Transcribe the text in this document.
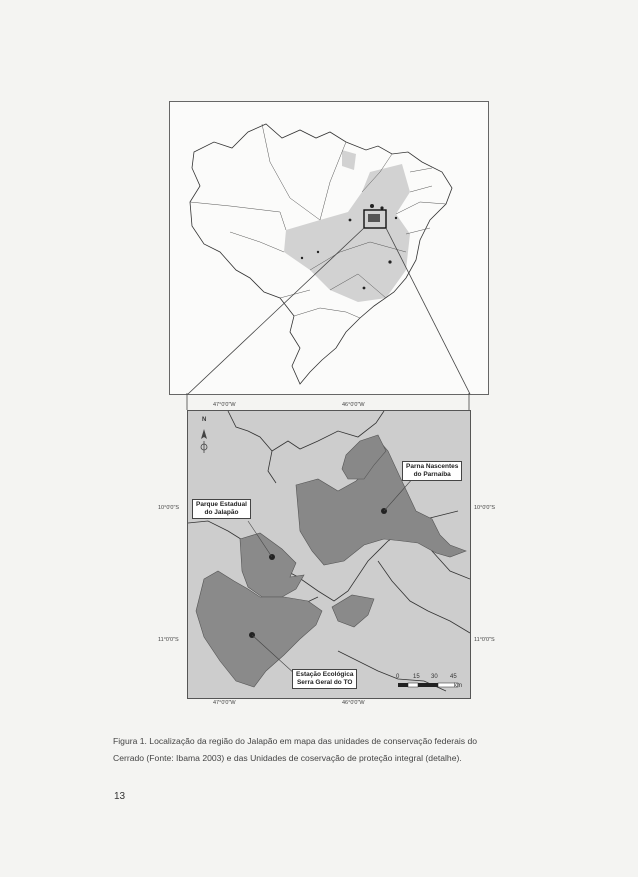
47°0'0"W	46°0'0"W
47°0'0"W	46°0'0"W
10°0'0"S
11°0'0"S
10°0'0"S
11°0'0"S
N
Parna Nascentes
do Parnaíba
Parque Estadual
do Jalapão
Estação Ecológica
Serra Geral do TO
0 15 30 45
km
Figura 1. Localização da região do Jalapão em mapa das unidades de conservação federais do
Cerrado (Fonte: Ibama 2003) e das Unidades de coservação de proteção integral (detalhe).
13
